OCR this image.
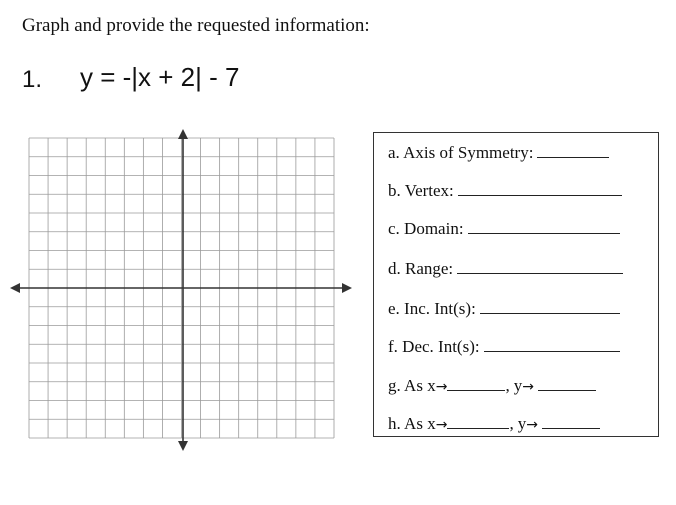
Graph and provide the requested information:
1. y = -|x + 2| - 7
a. Axis of Symmetry:
b. Vertex:
c. Domain:
d. Range:
e. Inc. Int(s):
f. Dec. Int(s):
g. As x →	, y →
h. As x →	, y →
